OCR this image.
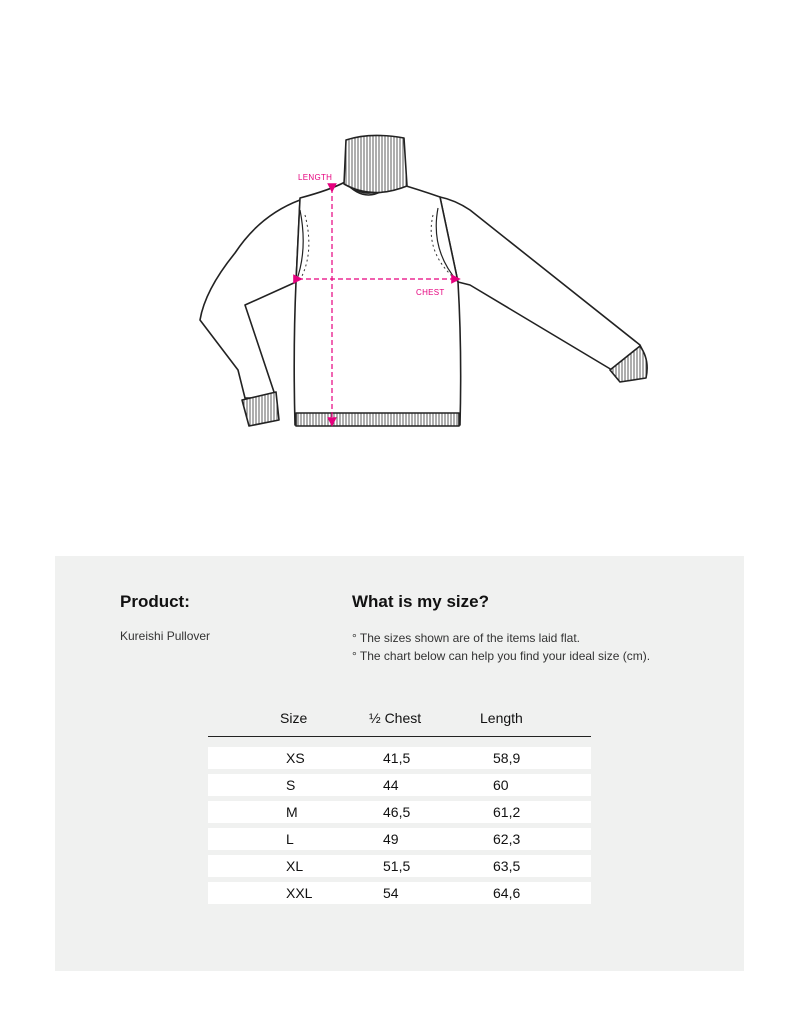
LENGTH
CHEST
Product:	What is my size?
Kureishi Pullover	° The sizes shown are of the items laid flat.
° The chart below can help you find your ideal size (cm).
Size	½ Chest	Length
XS	41,5	58,9
S	44	60
M	46,5	61,2
L	49	62,3
XL	51,5	63,5
XXL	54	64,6
